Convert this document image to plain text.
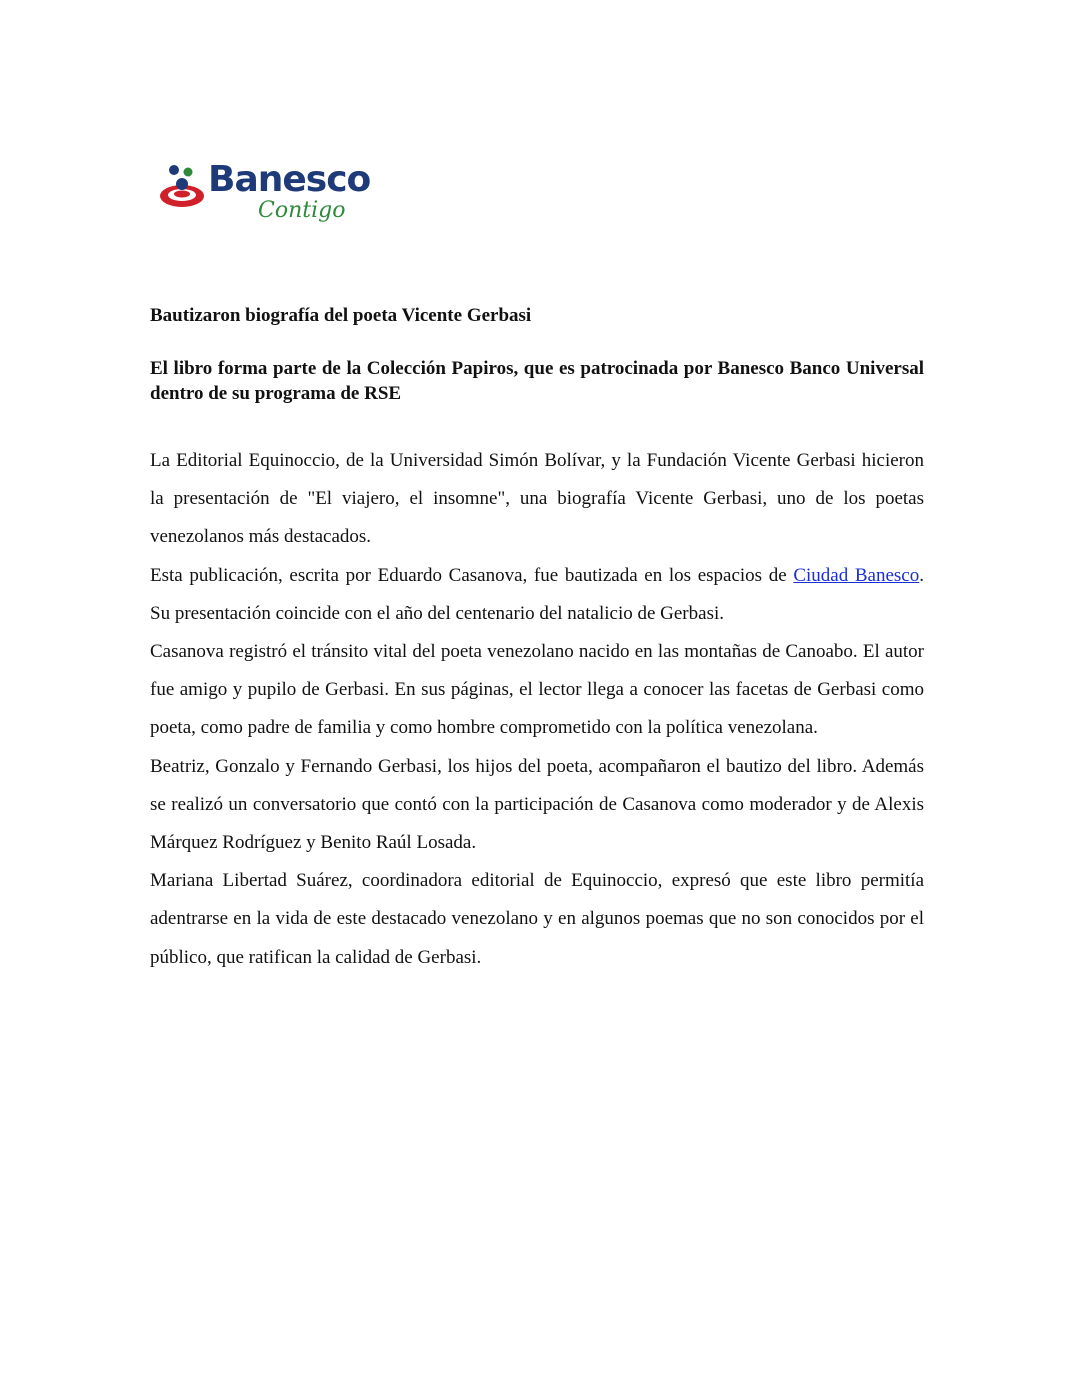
Banesco
Contigo
Bautizaron biografía del poeta Vicente Gerbasi
El libro forma parte de la Colección Papiros, que es patrocinada por Banesco Banco Universal dentro de su programa de RSE

La Editorial Equinoccio, de la Universidad Simón Bolívar, y la Fundación Vicente Gerbasi hicieron la presentación de "El viajero, el insomne", una biografía Vicente Gerbasi, uno de los poetas venezolanos más destacados.

Esta publicación, escrita por Eduardo Casanova, fue bautizada en los espacios de Ciudad Banesco. Su presentación coincide con el año del centenario del natalicio de Gerbasi.

Casanova registró el tránsito vital del poeta venezolano nacido en las montañas de Canoabo. El autor fue amigo y pupilo de Gerbasi. En sus páginas, el lector llega a conocer las facetas de Gerbasi como poeta, como padre de familia y como hombre comprometido con la política venezolana.

Beatriz, Gonzalo y Fernando Gerbasi, los hijos del poeta, acompañaron el bautizo del libro. Además se realizó un conversatorio que contó con la participación de Casanova como moderador y de Alexis Márquez Rodríguez y Benito Raúl Losada.

Mariana Libertad Suárez, coordinadora editorial de Equinoccio, expresó que este libro permitía adentrarse en la vida de este destacado venezolano y en algunos poemas que no son conocidos por el público, que ratifican la calidad de Gerbasi.
